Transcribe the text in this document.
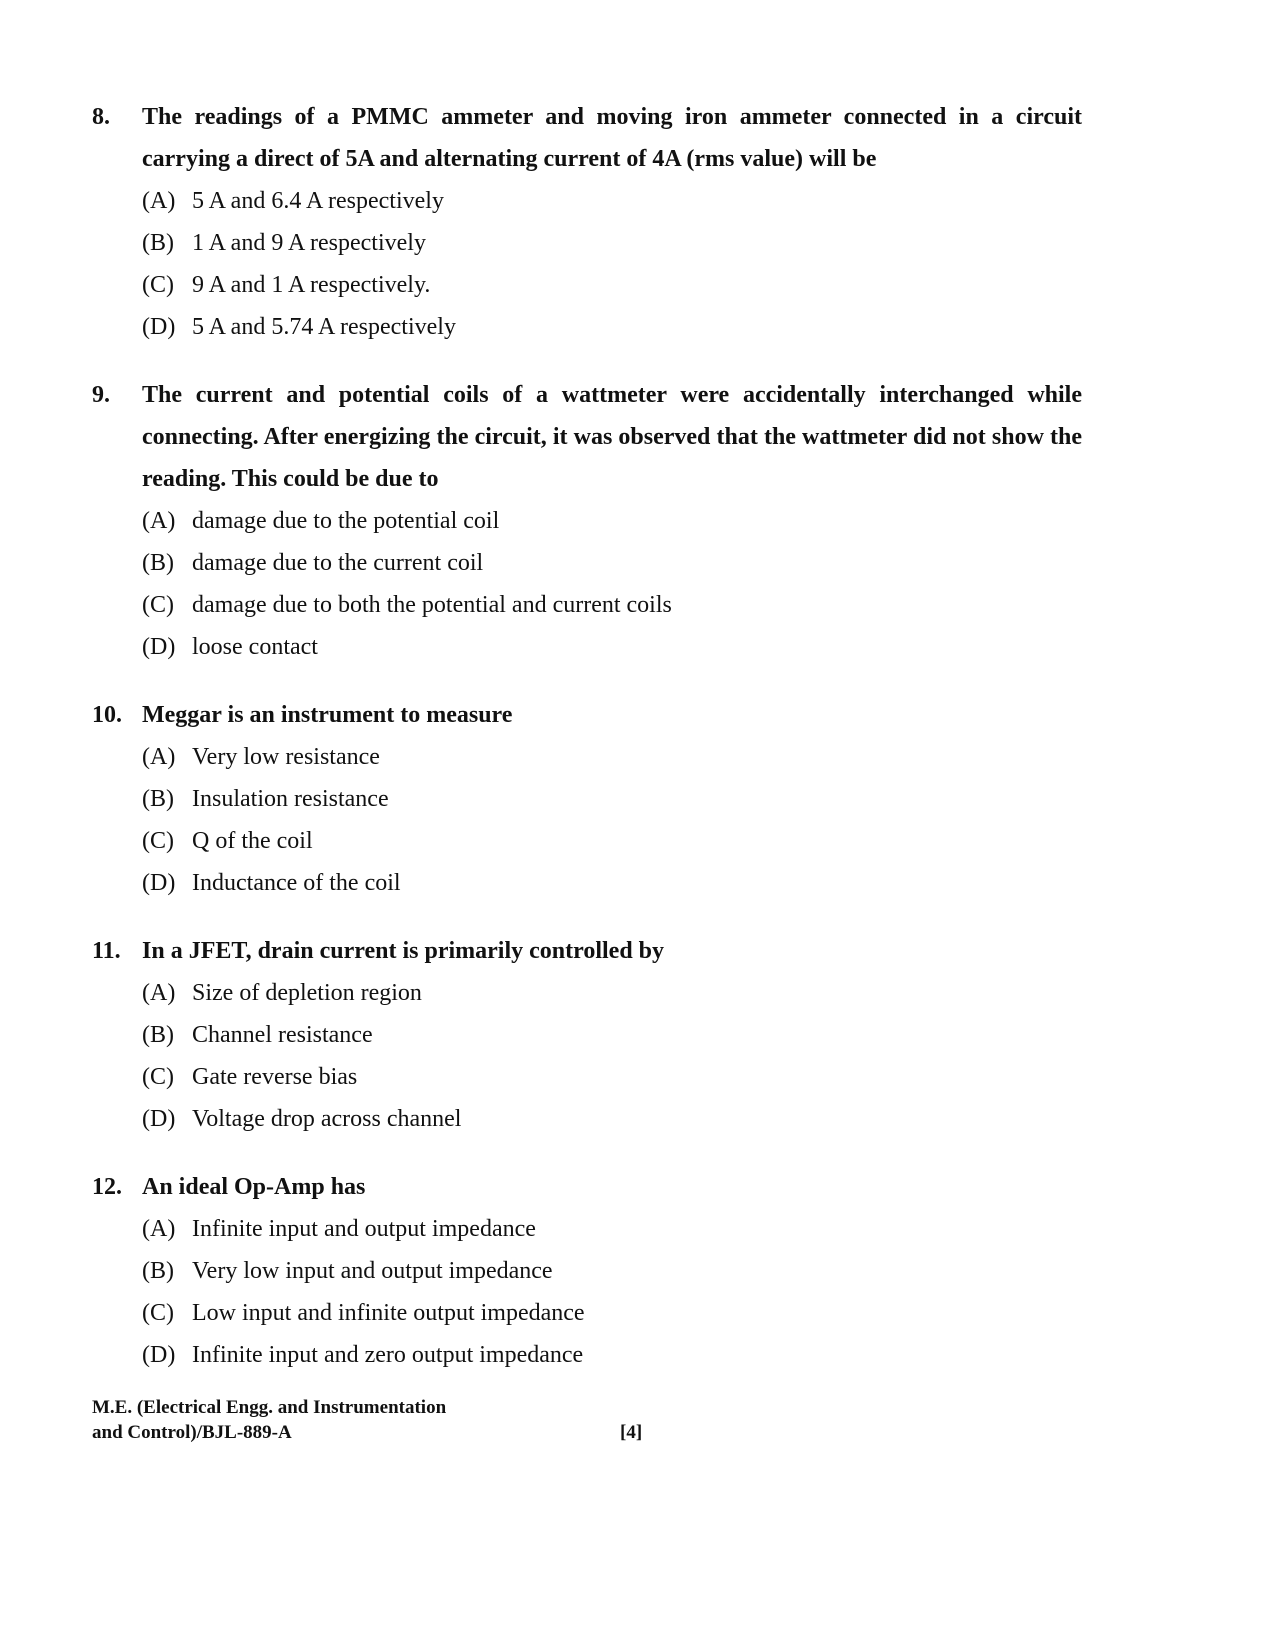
8.	The readings of a PMMC ammeter and moving iron ammeter connected in a circuit carrying a direct of 5A and alternating current of 4A (rms value) will be
(A) 5 A and 6.4 A respectively
(B) 1 A and 9 A respectively
(C) 9 A and 1 A respectively.
(D) 5 A and 5.74 A respectively
9.	The current and potential coils of a wattmeter were accidentally interchanged while connecting. After energizing the circuit, it was observed that the wattmeter did not show the reading. This could be due to
(A) damage due to the potential coil
(B) damage due to the current coil
(C) damage due to both the potential and current coils
(D) loose contact
10. Meggar is an instrument to measure
(A) Very low resistance
(B) Insulation resistance
(C) Q of the coil
(D) Inductance of the coil
11. In a JFET, drain current is primarily controlled by
(A) Size of depletion region
(B) Channel resistance
(C) Gate reverse bias
(D) Voltage drop across channel
12. An ideal Op-Amp has
(A) Infinite input and output impedance
(B) Very low input and output impedance
(C) Low input and infinite output impedance
(D) Infinite input and zero output impedance
M.E. (Electrical Engg. and Instrumentation
and Control)/BJL-889-A	[4]
